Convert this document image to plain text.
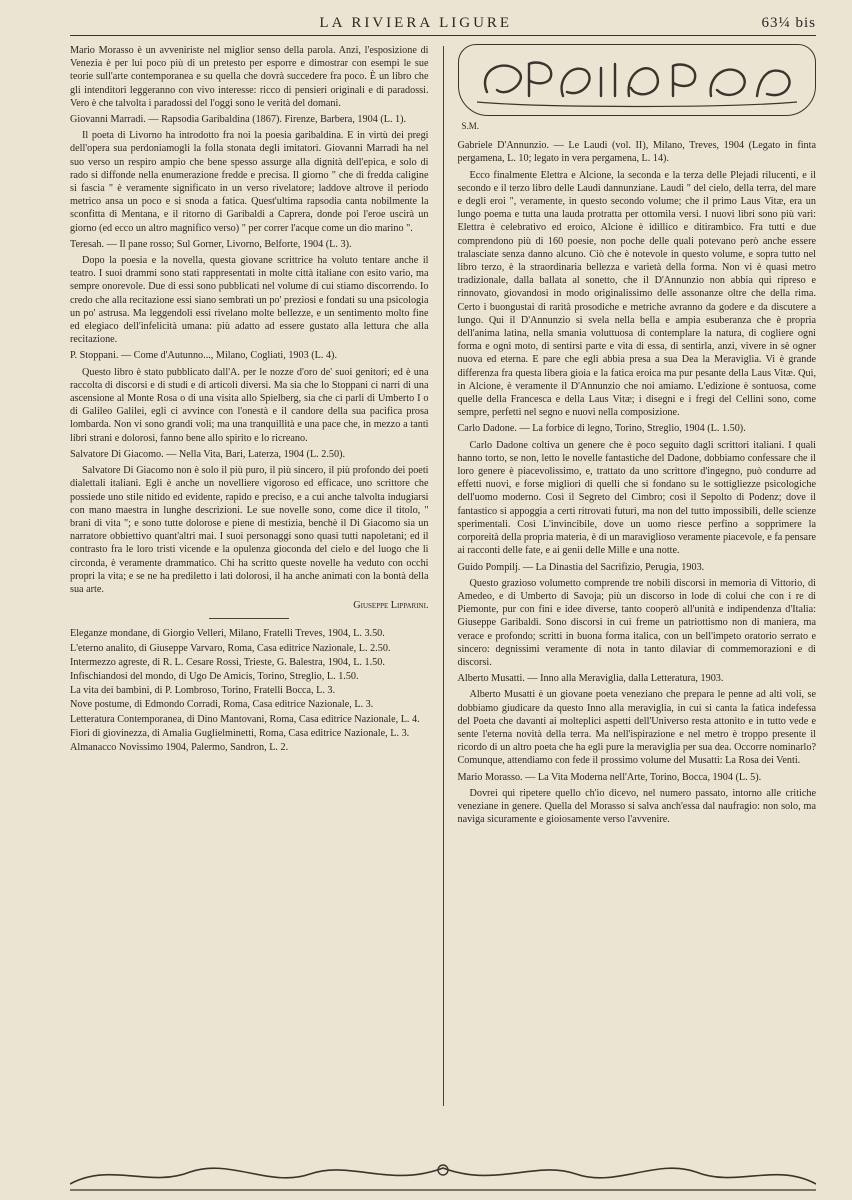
LA RIVIERA LIGURE	63¼ bis

Mario Morasso è un avveniriste nel miglior senso della parola. Anzi, l'esposizione di Venezia è per lui poco più di un pretesto per esporre e dimostrar con esempi le sue teorie sull'arte contemporanea e su quella che dovrà succedere fra poco. È un libro che gli intenditori leggeranno con vivo interesse: ricco di pensieri originali e di paradossi. Vero è che talvolta i paradossi del l'oggi sono le verità del domani.

Giovanni Marradi. — Rapsodia Garibaldina (1867). Firenze, Barbera, 1904 (L. 1).

Il poeta di Livorno ha introdotto fra noi la poesia garibaldina. E in virtù dei pregi dell'opera sua perdoniamogli la folla stonata degli imitatori. Giovanni Marradi ha nel suo verso un respiro ampio che bene spesso assurge alla dignità dell'epica, e solo di rado si diffonde nella enumerazione fredde e precisa. Il giorno " che di fredda caligine si fascia " è veramente significato in un verso rivelatore; laddove altrove il periodo metrico ansa un poco e si snoda a fatica. Quest'ultima rapsodia canta nobilmente la sconfitta di Mentana, e il ritorno di Garibaldi a Caprera, donde poi l'eroe uscirà un giorno (ed ecco un altro magnifico verso) " per correr l'acque come un dio marino ".

Teresah. — Il pane rosso; Sul Gorner, Livorno, Belforte, 1904 (L. 3).

Dopo la poesia e la novella, questa giovane scrittrice ha voluto tentare anche il teatro. I suoi drammi sono stati rappresentati in molte città italiane con esito vario, ma sempre onorevole. Due di essi sono pubblicati nel volume di cui stiamo discorrendo. Io credo che alla recitazione essi siano sembrati un po' preziosi e fondati su una psicologia un po' astrusa. Ma leggendoli essi rivelano molte bellezze, e un sentimento molto fine ed elegiaco dell'infelicità umana: più adatto ad essere gustato alla lettura che alla recitazione.

P. Stoppani. — Come d'Autunno..., Milano, Cogliati, 1903 (L. 4).

Questo libro è stato pubblicato dall'A. per le nozze d'oro de' suoi genitori; ed è una raccolta di discorsi e di studi e di articoli diversi. Ma sia che lo Stoppani ci narri di una ascensione al Monte Rosa o di una visita allo Spielberg, sia che ci parli di Umberto I o di Galileo Galilei, egli ci avvince con l'onestà e il candore della sua pacifica prosa lombarda. Non vi sono grandi voli; ma una tranquillità e una pace che, in mezzo a tanti libri strani e dolorosi, fanno bene allo spirito e lo ricreano.

Salvatore Di Giacomo. — Nella Vita, Bari, Laterza, 1904 (L. 2.50).

Salvatore Di Giacomo non è solo il più puro, il più sincero, il più profondo dei poeti dialettali italiani. Egli è anche un novelliere vigoroso ed efficace, uno scrittore che possiede uno stile nitido ed evidente, rapido e preciso, e a cui anche talvolta indugiarsi con mano maestra in lunghe descrizioni. Le sue novelle sono, come dice il titolo, " brani di vita "; e sono tutte dolorose e piene di mestizia, benchè il Di Giacomo sia un narratore obbiettivo quant'altri mai. I suoi personaggi sono quasi tutti napoletani; ed il contrasto fra le loro tristi vicende e la opulenza gioconda del cielo e del luogo che li circonda, è veramente drammatico. Chi ha scritto queste novelle ha veduto con occhi propri la vita; e se ne ha prediletto i lati dolorosi, il ha anche animati con la bontà della sua arte.

Giuseppe Lipparini.

Eleganze mondane, di Giorgio Velleri, Milano, Fratelli Treves, 1904, L. 3.50.

L'eterno analito, di Giuseppe Varvaro, Roma, Casa editrice Nazionale, L. 2.50.

Intermezzo agreste, di R. L. Cesare Rossi, Trieste, G. Balestra, 1904, L. 1.50.

Infischiandosi del mondo, di Ugo De Amicis, Torino, Streglio, L. 1.50.

La vita dei bambini, di P. Lombroso, Torino, Fratelli Bocca, L. 3.

Nove postume, di Edmondo Corradi, Roma, Casa editrice Nazionale, L. 3.

Letteratura Contemporanea, di Dino Mantovani, Roma, Casa editrice Nazionale, L. 4.

Fiori di giovinezza, di Amalia Guglielminetti, Roma, Casa editrice Nazionale, L. 3.

Almanacco Novissimo 1904, Palermo, Sandron, L. 2.

S.M.

Gabriele D'Annunzio. — Le Laudi (vol. II), Milano, Treves, 1904 (Legato in finta pergamena, L. 10; legato in vera pergamena, L. 14).

Ecco finalmente Elettra e Alcione, la seconda e la terza delle Plejadi rilucenti, e il secondo e il terzo libro delle Laudi dannunziane. Laudi " del cielo, della terra, del mare e degli eroi ", veramente, in questo secondo volume; che il primo Laus Vitæ, era un lungo poema e tutta una lauda protratta per ottomila versi. I nuovi libri sono più vari: Elettra è celebrativo ed eroico, Alcione è idillico e ditirambico. Fra tutti e due comprendono più di 160 poesie, non poche delle quali potevano però anche essere tralasciate senza danno alcuno. Ciò che è notevole in questo volume, e sopra tutto nel libro terzo, è la straordinaria bellezza e varietà della forma. Non vi è quasi metro tradizionale, dalla ballata al sonetto, che il D'Annunzio non abbia qui ripreso e rinnovato, giovandosi in modo originalissimo delle assonanze oltre che della rima. Certo i buongustai di rarità prosodiche e metriche avranno da godere e da discutere a lungo. Qui il D'Annunzio si svela nella bella e ampia esuberanza che è propria dell'anima latina, nella smania voluttuosa di contemplare la natura, di cogliere ogni forma e ogni moto, di sentirsi parte e vita di essa, di sentirla, anzi, vivere in sè ogner nuova ed eterna. E pare che egli abbia presa a sua Dea la Meraviglia. Vi è grande differenza fra questa libera gioia e la fatica eroica ma pur pesante della Laus Vitæ. Qui, in Alcione, è veramente il D'Annunzio che noi amiamo. L'edizione è sontuosa, come quelle della Francesca e della Laus Vitæ; i disegni e i fregi del Cellini sono, come sempre, perfetti nel segno e nuovi nella composizione.

Carlo Dadone. — La forbice di legno, Torino, Streglio, 1904 (L. 1.50).

Carlo Dadone coltiva un genere che è poco seguito dagli scrittori italiani. I quali hanno torto, se non, letto le novelle fantastiche del Dadone, dobbiamo confessare che il loro genere è piacevolissimo, e, trattato da uno scrittore d'ingegno, può condurre ad effetti nuovi, e forse migliori di quelli che si fondano su le sottigliezze psicologiche dell'uomo moderno. Così il Segreto del Cimbro; così il Sepolto di Podenz; dove il fantastico si appoggia a certi ritrovati futuri, ma non del tutto impossibili, delle scienze sperimentali. Così L'invincibile, dove un uomo riesce perfino a sopprimere la corporeità della propria materia, è di un maraviglioso veramente piacevole, e fa pensare ai racconti delle fate, e ai genii delle Mille e una notte.

Guido Pompilj. — La Dinastia del Sacrifizio, Perugia, 1903.

Questo grazioso volumetto comprende tre nobili discorsi in memoria di Vittorio, di Amedeo, e di Umberto di Savoja; più un discorso in lode di colui che con i re di Piemonte, pur con fini e idee diverse, tanto cooperò all'unità e indipendenza d'Italia: Giuseppe Garibaldi. Sono discorsi in cui freme un patriottismo non di maniera, ma verace e profondo; scritti in buona forma italica, con un bell'impeto oratorio serrato e sincero: degnissimi veramente di nota in tanto dilaviar di commemorazioni e di discorsi.

Alberto Musatti. — Inno alla Meraviglia, dalla Letteratura, 1903.

Alberto Musatti è un giovane poeta veneziano che prepara le penne ad alti voli, se dobbiamo giudicare da questo Inno alla meraviglia, in cui si canta la fatica indefessa del Poeta che davanti ai molteplici aspetti dell'Universo resta attonito e in tutto vede e sente l'eterna novità della terra. Ma nell'ispirazione e nel metro è troppo presente il ricordo di un altro poeta che ha egli pure la meraviglia per sua dea. Occorre nominarlo? Comunque, attendiamo con fede il prossimo volume del Musatti: La Rosa dei Venti.

Mario Morasso. — La Vita Moderna nell'Arte, Torino, Bocca, 1904 (L. 5).

Dovrei qui ripetere quello ch'io dicevo, nel numero passato, intorno alle critiche veneziane in genere. Quella del Morasso si salva anch'essa dal naufragio: non solo, ma naviga sicuramente e gioiosamente verso l'avvenire.
